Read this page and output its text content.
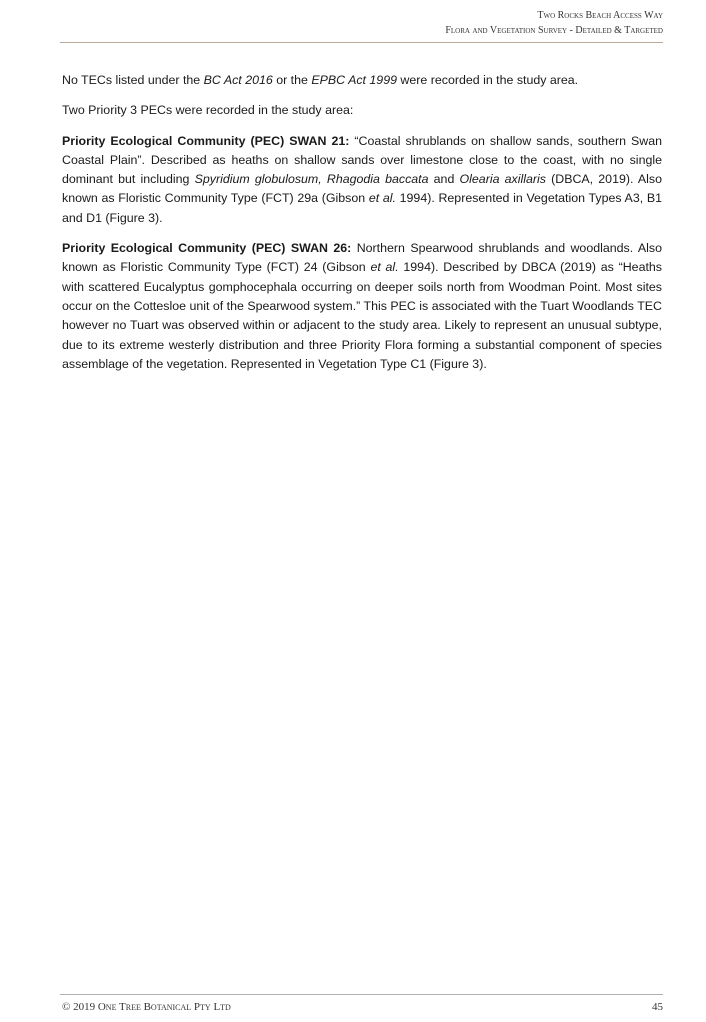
Two Rocks Beach Access Way
Flora and Vegetation Survey - Detailed & Targeted

No TECs listed under the BC Act 2016 or the EPBC Act 1999 were recorded in the study area.

Two Priority 3 PECs were recorded in the study area:

Priority Ecological Community (PEC) SWAN 21: “Coastal shrublands on shallow sands, southern Swan Coastal Plain”. Described as heaths on shallow sands over limestone close to the coast, with no single dominant but including Spyridium globulosum, Rhagodia baccata and Olearia axillaris (DBCA, 2019). Also known as Floristic Community Type (FCT) 29a (Gibson et al. 1994). Represented in Vegetation Types A3, B1 and D1 (Figure 3).

Priority Ecological Community (PEC) SWAN 26: Northern Spearwood shrublands and woodlands. Also known as Floristic Community Type (FCT) 24 (Gibson et al. 1994). Described by DBCA (2019) as “Heaths with scattered Eucalyptus gomphocephala occurring on deeper soils north from Woodman Point. Most sites occur on the Cottesloe unit of the Spearwood system.” This PEC is associated with the Tuart Woodlands TEC however no Tuart was observed within or adjacent to the study area. Likely to represent an unusual subtype, due to its extreme westerly distribution and three Priority Flora forming a substantial component of species assemblage of the vegetation. Represented in Vegetation Type C1 (Figure 3).

© 2019 One Tree Botanical Pty Ltd	45
